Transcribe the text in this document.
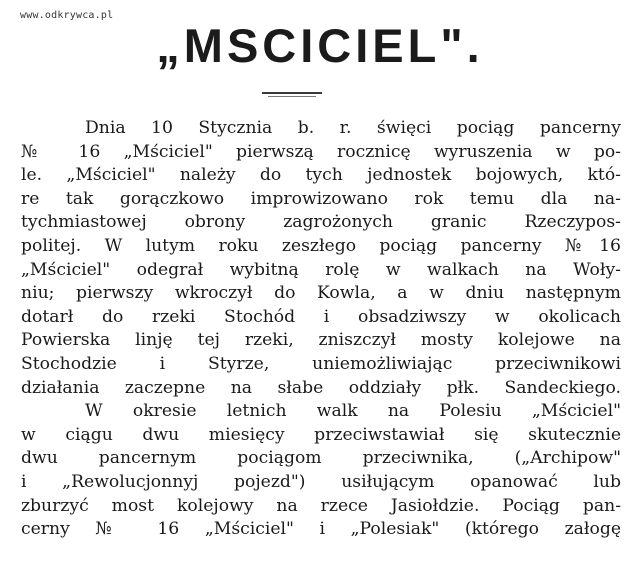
www.odkrywca.pl
„MSCICIEL".
Dnia 10 Stycznia b. r. święci pociąg pancerny
№ 16 „Mściciel" pierwszą rocznicę wyruszenia w po-
le. „Mściciel" należy do tych jednostek bojowych, któ-
re tak gorączkowo improwizowano rok temu dla na-
tychmiastowej obrony zagrożonych granic Rzeczypos-
politej. W lutym roku zeszłego pociąg pancerny №16
„Mściciel" odegrał wybitną rolę w walkach na Woły-
niu; pierwszy wkroczył do Kowla, a w dniu następnym
dotarł do rzeki Stochód i obsadziwszy w okolicach
Powierska linję tej rzeki, zniszczył mosty kolejowe na
Stochodzie i Styrze, uniemożliwiając przeciwnikowi
działania zaczepne na słabe oddziały płk. Sandeckiego.
W okresie letnich walk na Polesiu „Mściciel"
w ciągu dwu miesięcy przeciwstawiał się skutecznie
dwu pancernym pociągom przeciwnika, („Archipow"
i „Rewolucjonnyj pojezd") usiłującym opanować lub
zburzyć most kolejowy na rzece Jasiołdzie. Pociąg pan-
cerny № 16 „Mściciel" i „Polesiak" (którego załogę
